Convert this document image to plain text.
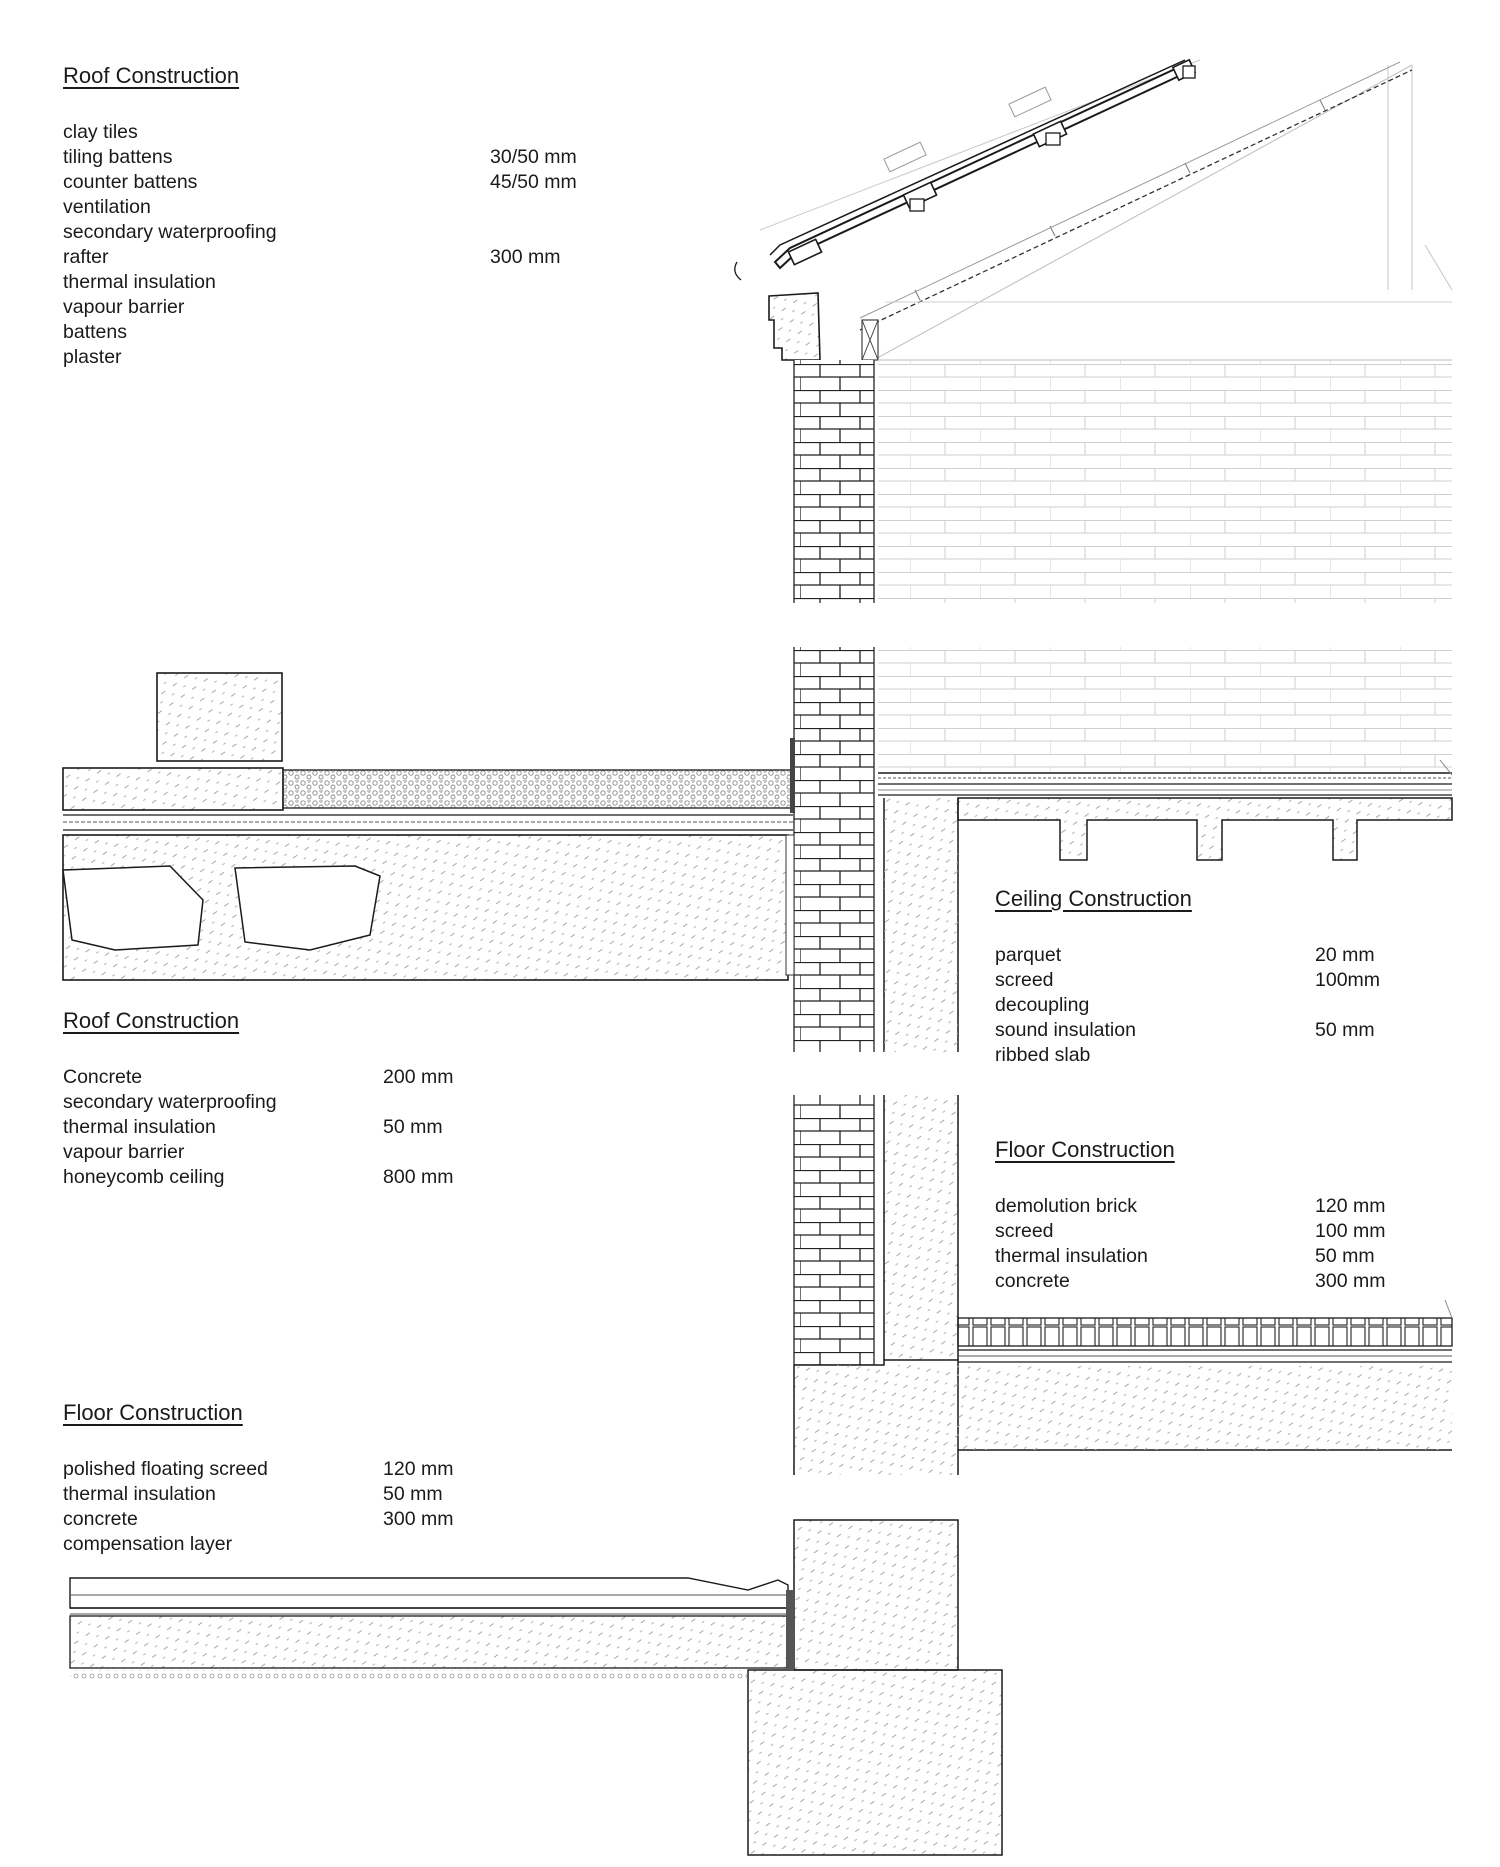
Roof Construction
clay tiles
tiling battens	30/50 mm
counter battens	45/50 mm
ventilation
secondary waterproofing
rafter	300 mm
thermal insulation
vapour barrier
battens
plaster
Roof Construction
Concrete	200 mm
secondary waterproofing
thermal insulation	50 mm
vapour barrier
honeycomb ceiling	800 mm
Floor Construction
polished floating screed	120 mm
thermal insulation	50 mm
concrete	300 mm
compensation layer
Ceiling Construction
parquet	20 mm
screed	100mm
decoupling
sound insulation	50 mm
ribbed slab
Floor Construction
demolution brick	120 mm
screed	100 mm
thermal insulation	50 mm
concrete	300 mm
